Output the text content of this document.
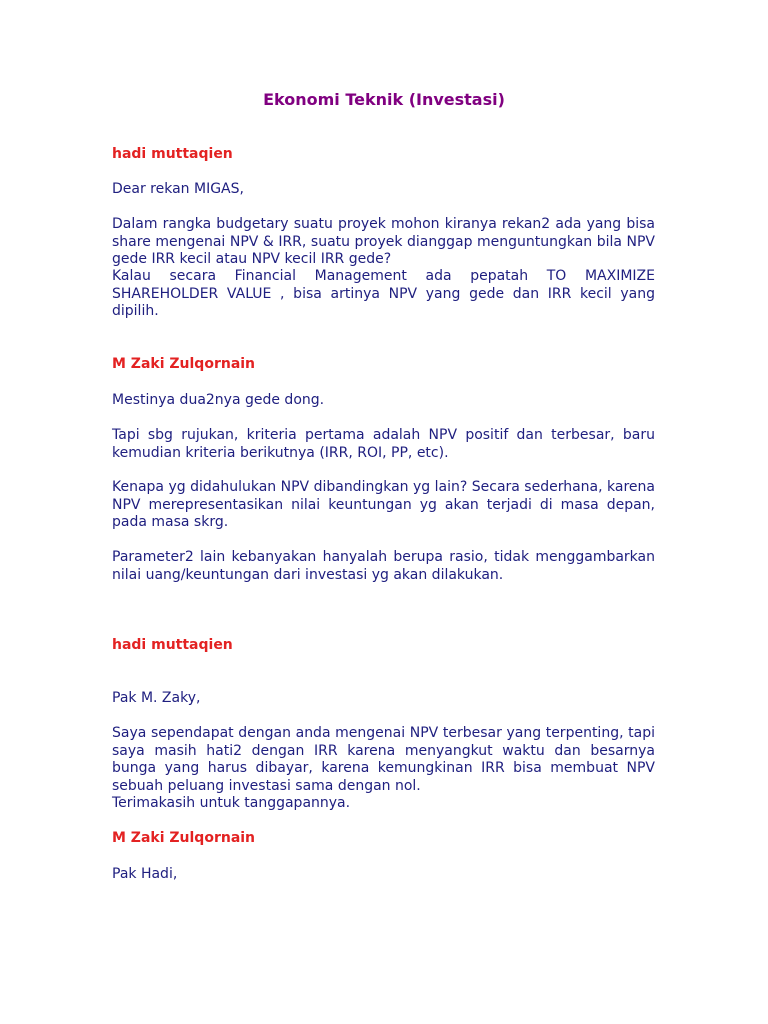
Ekonomi Teknik (Investasi)
hadi muttaqien

Dear rekan MIGAS,

Dalam rangka budgetary suatu proyek mohon kiranya rekan2 ada yang bisa share mengenai NPV & IRR, suatu proyek dianggap menguntungkan bila NPV gede IRR kecil atau NPV kecil IRR gede?

Kalau secara Financial Management ada pepatah TO MAXIMIZE SHAREHOLDER VALUE , bisa artinya NPV yang gede dan IRR kecil yang dipilih.

M Zaki Zulqornain

Mestinya dua2nya gede dong.

Tapi sbg rujukan, kriteria pertama adalah NPV positif dan terbesar, baru kemudian kriteria berikutnya (IRR, ROI, PP, etc).

Kenapa yg didahulukan NPV dibandingkan yg lain? Secara sederhana, karena NPV merepresentasikan nilai keuntungan yg akan terjadi di masa depan, pada masa skrg.

Parameter2 lain kebanyakan hanyalah berupa rasio, tidak menggambarkan nilai uang/keuntungan dari investasi yg akan dilakukan.

hadi muttaqien

Pak M. Zaky,

Saya sependapat dengan anda mengenai NPV terbesar yang terpenting, tapi saya masih hati2 dengan IRR karena menyangkut waktu dan besarnya bunga yang harus dibayar, karena kemungkinan IRR bisa membuat NPV sebuah peluang investasi sama dengan nol.

Terimakasih untuk tanggapannya.

M Zaki Zulqornain

Pak Hadi,
